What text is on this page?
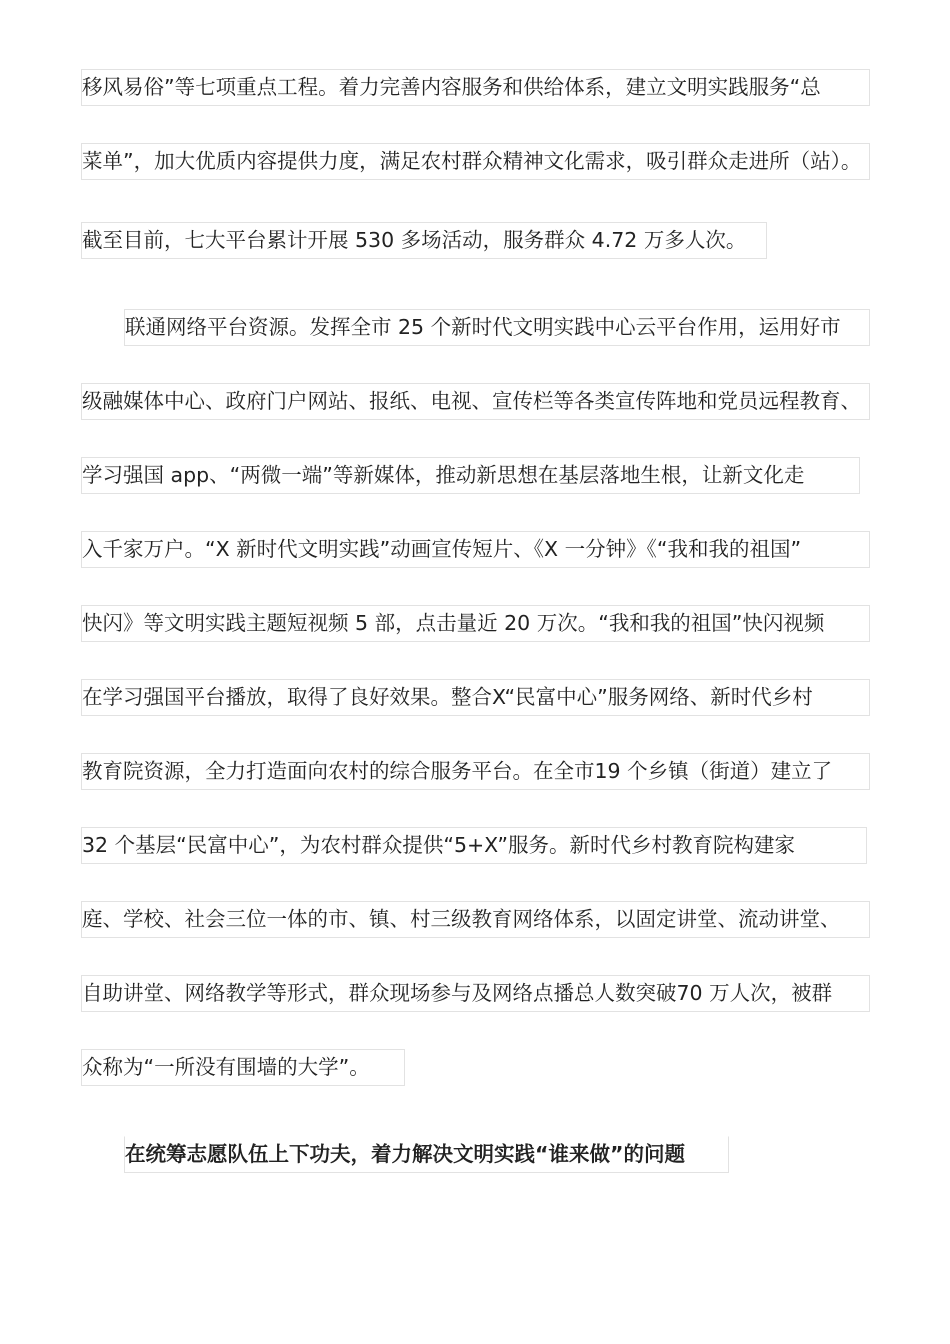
移风易俗”等七项重点工程。着力完善内容服务和供给体系，建立文明实践服务“总
菜单”，加大优质内容提供力度，满足农村群众精神文化需求，吸引群众走进所（站）。
截至目前，七大平台累计开展 530 多场活动，服务群众 4.72 万多人次。
联通网络平台资源。发挥全市 25 个新时代文明实践中心云平台作用，运用好市
级融媒体中心、政府门户网站、报纸、电视、宣传栏等各类宣传阵地和党员远程教育、
学习强国 app、“两微一端”等新媒体，推动新思想在基层落地生根，让新文化走
入千家万户。“X 新时代文明实践”动画宣传短片、《X 一分钟》《“我和我的祖国”
快闪》等文明实践主题短视频 5 部，点击量近 20 万次。“我和我的祖国”快闪视频
在学习强国平台播放，取得了良好效果。整合X“民富中心”服务网络、新时代乡村
教育院资源，全力打造面向农村的综合服务平台。在全市19 个乡镇（街道）建立了
32 个基层“民富中心”，为农村群众提供“5+X”服务。新时代乡村教育院构建家
庭、学校、社会三位一体的市、镇、村三级教育网络体系，以固定讲堂、流动讲堂、
自助讲堂、网络教学等形式，群众现场参与及网络点播总人数突破70 万人次，被群
众称为“一所没有围墙的大学”。
在统筹志愿队伍上下功夫，着力解决文明实践“谁来做”的问题
